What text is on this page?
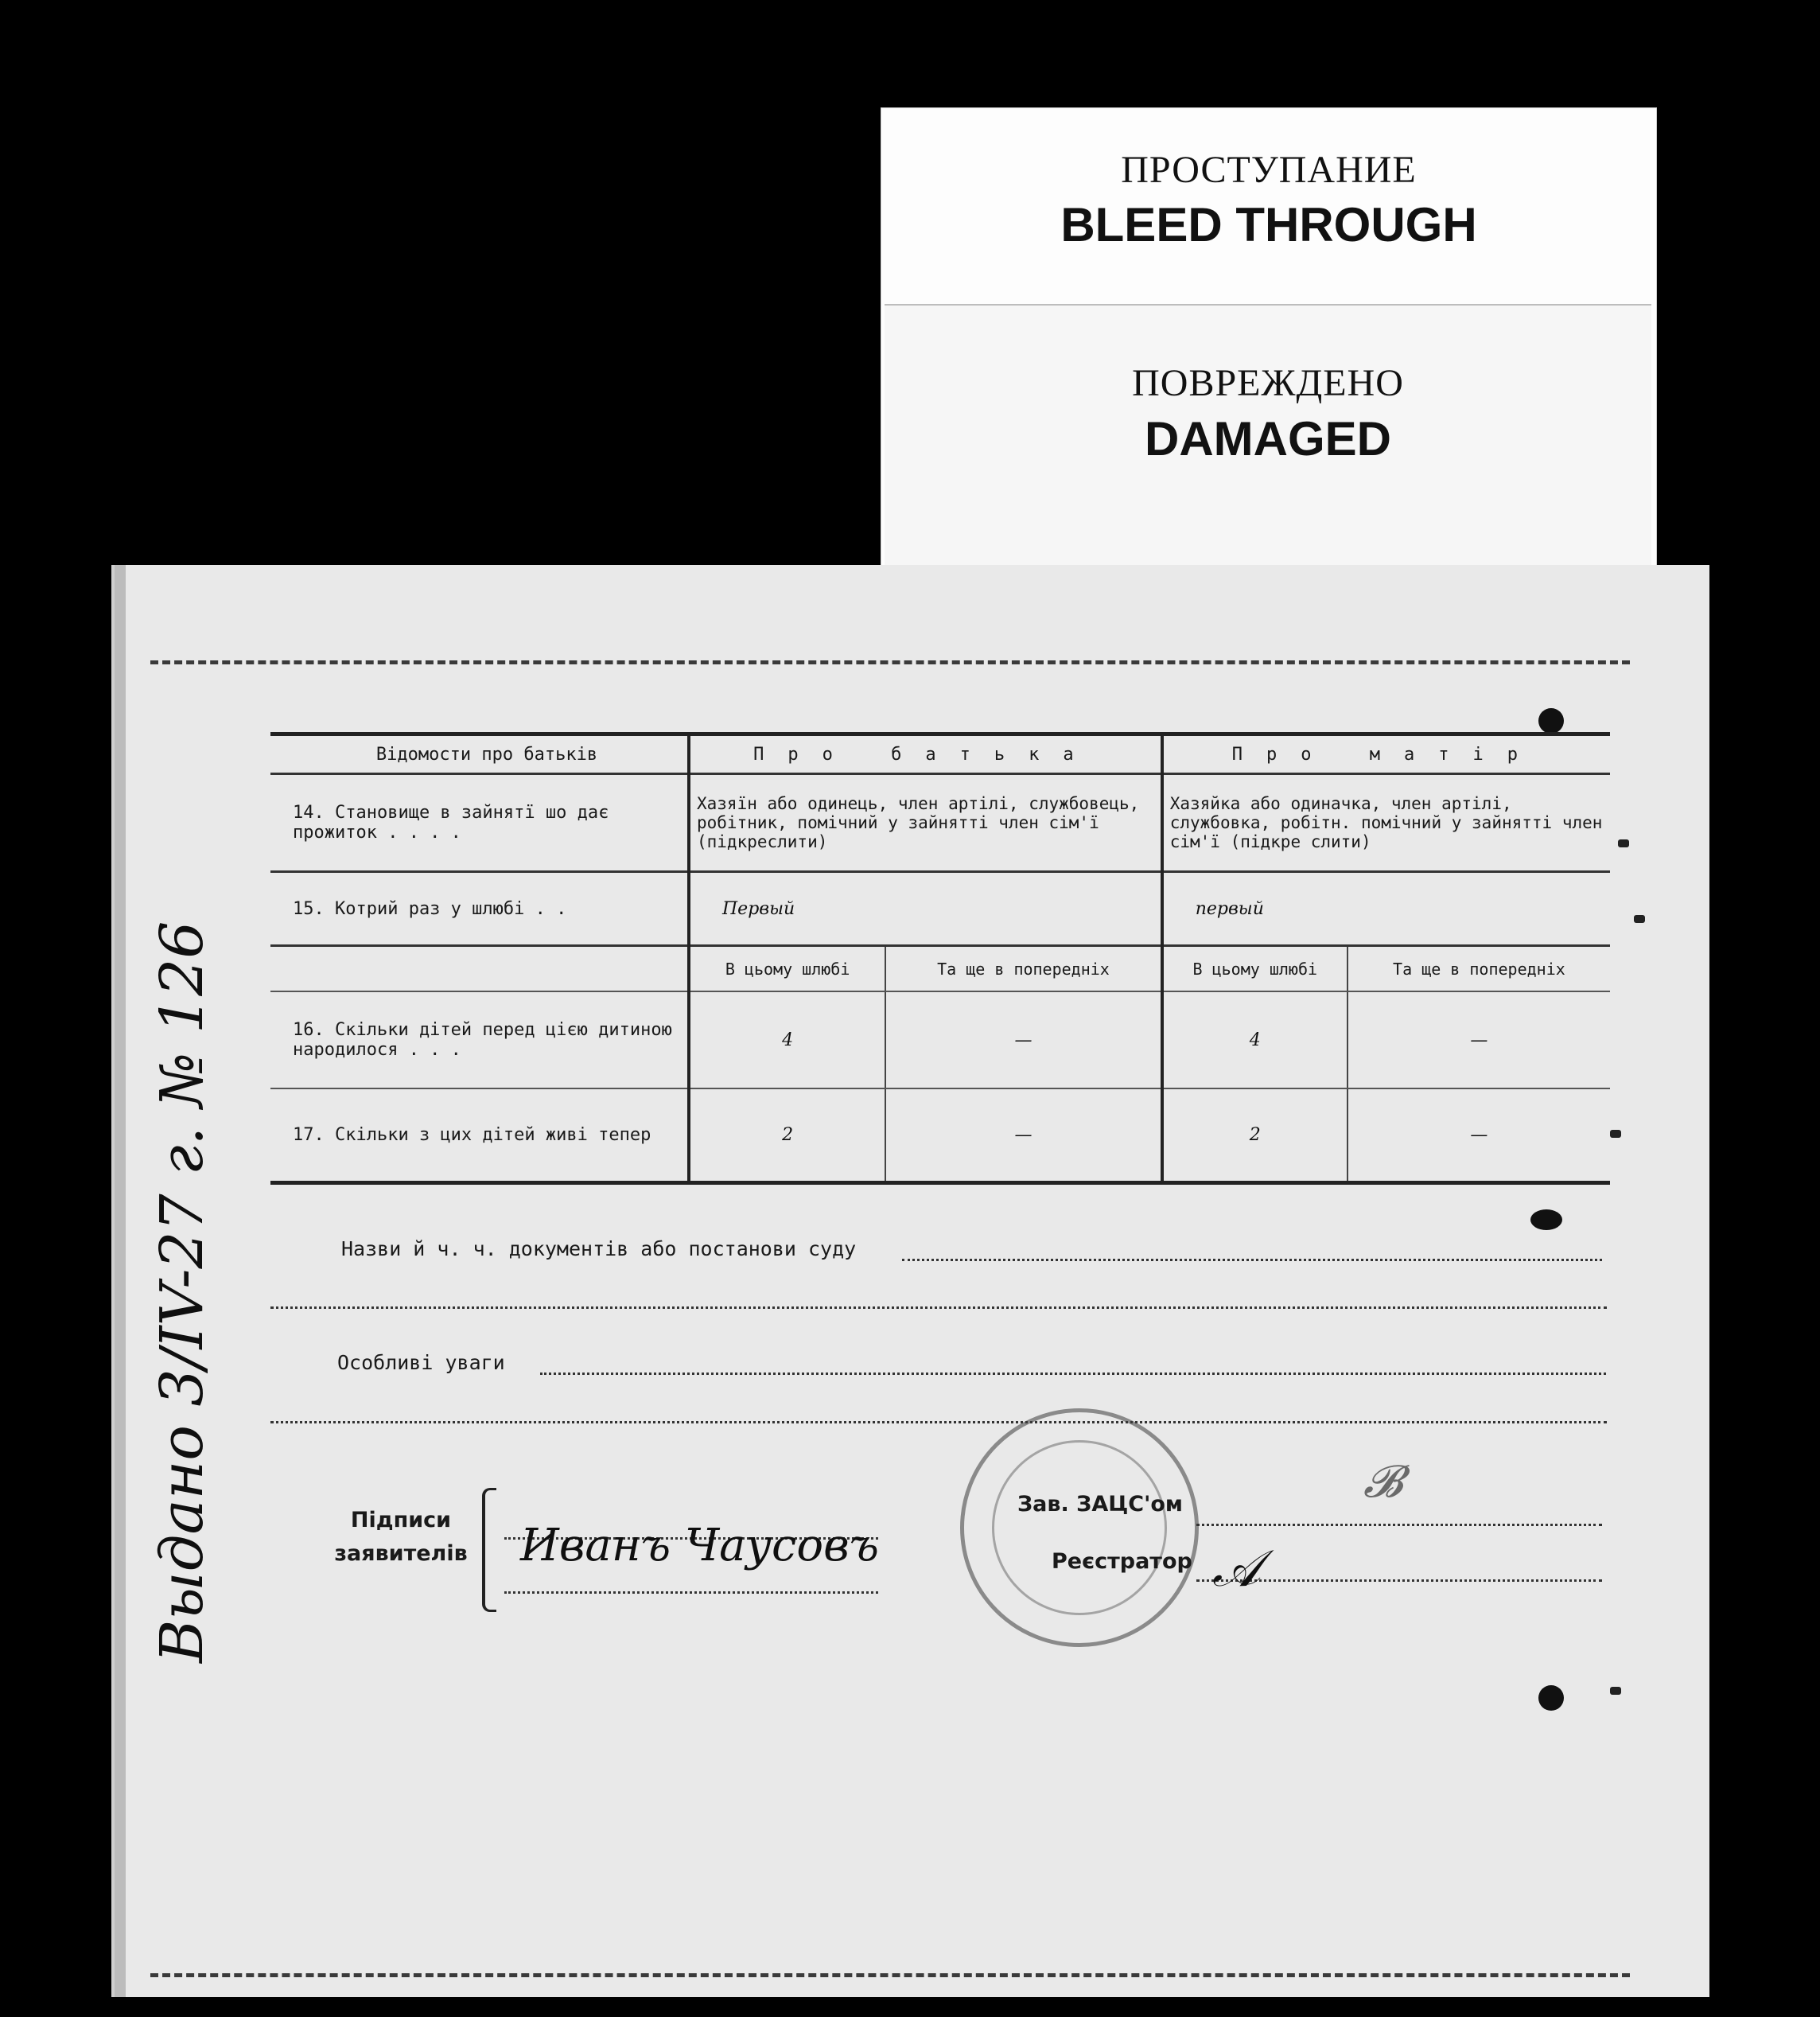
ПРОСТУПАНИЕ
BLEED THROUGH
ПОВРЕЖДЕНО
DAMAGED
Відомости про батьків	Про батька		Про матір	
14. Становище в зайнятї шо дає прожиток . . . .	Хазяїн або одинець, член артілі, службовець, робітник, помічний у зайнятті член сім'ї (підкреслити)		Хазяйка або одиначка, член артілі, службовка, робітн. помічний у зайнятті член сім'ї (підкре слити)	
15. Котрий раз у шлюбі . .	Первый		первый	
	В цьому шлюбі	Та ще в попередніх	В цьому шлюбі	Та ще в попередніх
16. Скільки дітей перед цією дитиною народилося . . .	4	—	4	—
17. Скільки з цих дітей живі тепер	2	—	2	—
Назви й ч. ч. документів або постанови суду
Особливі уваги
Підписи заявителів Иванъ Чаусовъ
Зав. ЗАЦС'ом
Реєстратор 𝒜
𝓑
Выдано 3/IV-27 г. № 126
